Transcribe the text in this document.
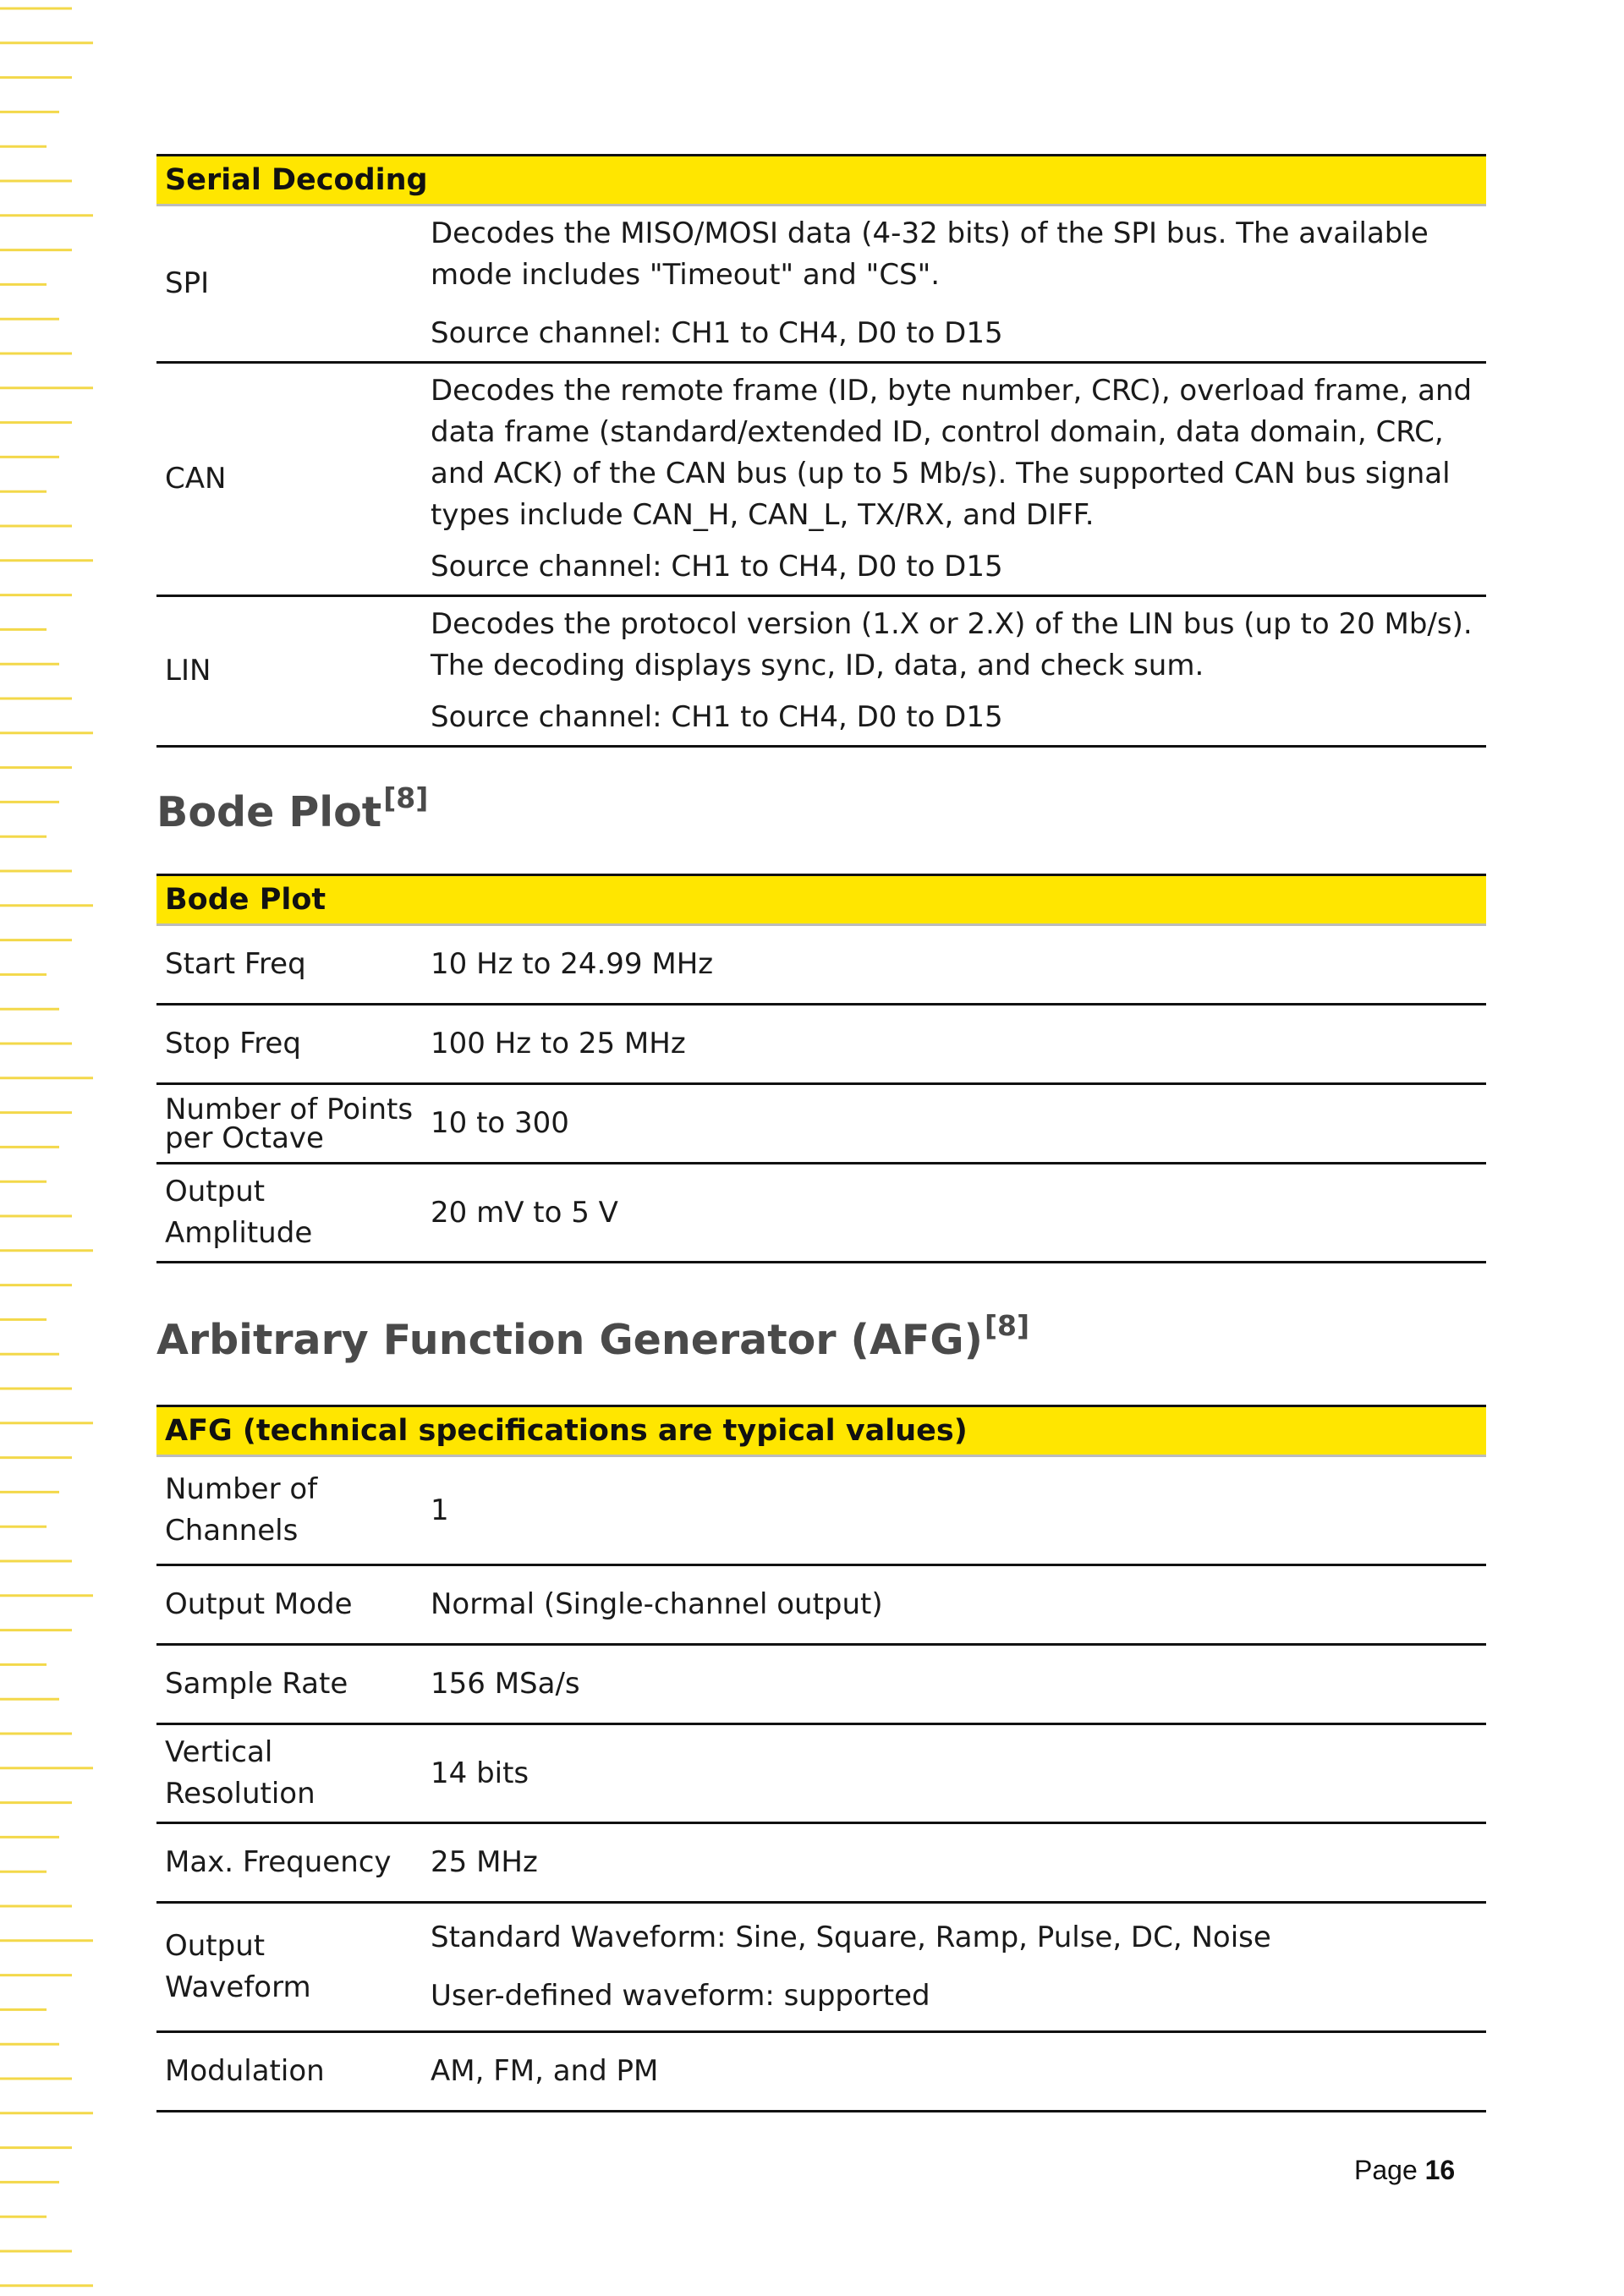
Serial Decoding	
SPI	Decodes the MISO/MOSI data (4-32 bits) of the SPI bus. The available mode includes "Timeout" and "CS".

Source channel: CH1 to CH4, D0 to D15

CAN	Decodes the remote frame (ID, byte number, CRC), overload frame, and data frame (standard/extended ID, control domain, data domain, CRC, and ACK) of the CAN bus (up to 5 Mb/s). The supported CAN bus signal types include CAN_H, CAN_L, TX/RX, and DIFF.

Source channel: CH1 to CH4, D0 to D15

LIN	Decodes the protocol version (1.X or 2.X) of the LIN bus (up to 20 Mb/s). The decoding displays sync, ID, data, and check sum.

Source channel: CH1 to CH4, D0 to D15

Bode Plot[8]
Bode Plot	
Start Freq	10 Hz to 24.99 MHz
Stop Freq	100 Hz to 25 MHz
Number of Points per Octave	10 to 300
Output Amplitude	20 mV to 5 V
Arbitrary Function Generator (AFG)[8]
AFG (technical specifications are typical values)	
Number of Channels	1
Output Mode	Normal (Single-channel output)
Sample Rate	156 MSa/s
Vertical Resolution	14 bits
Max. Frequency	25 MHz
Output Waveform	Standard Waveform: Sine, Square, Ramp, Pulse, DC, Noise

User-defined waveform: supported

Modulation	AM, FM, and PM
Page 16
